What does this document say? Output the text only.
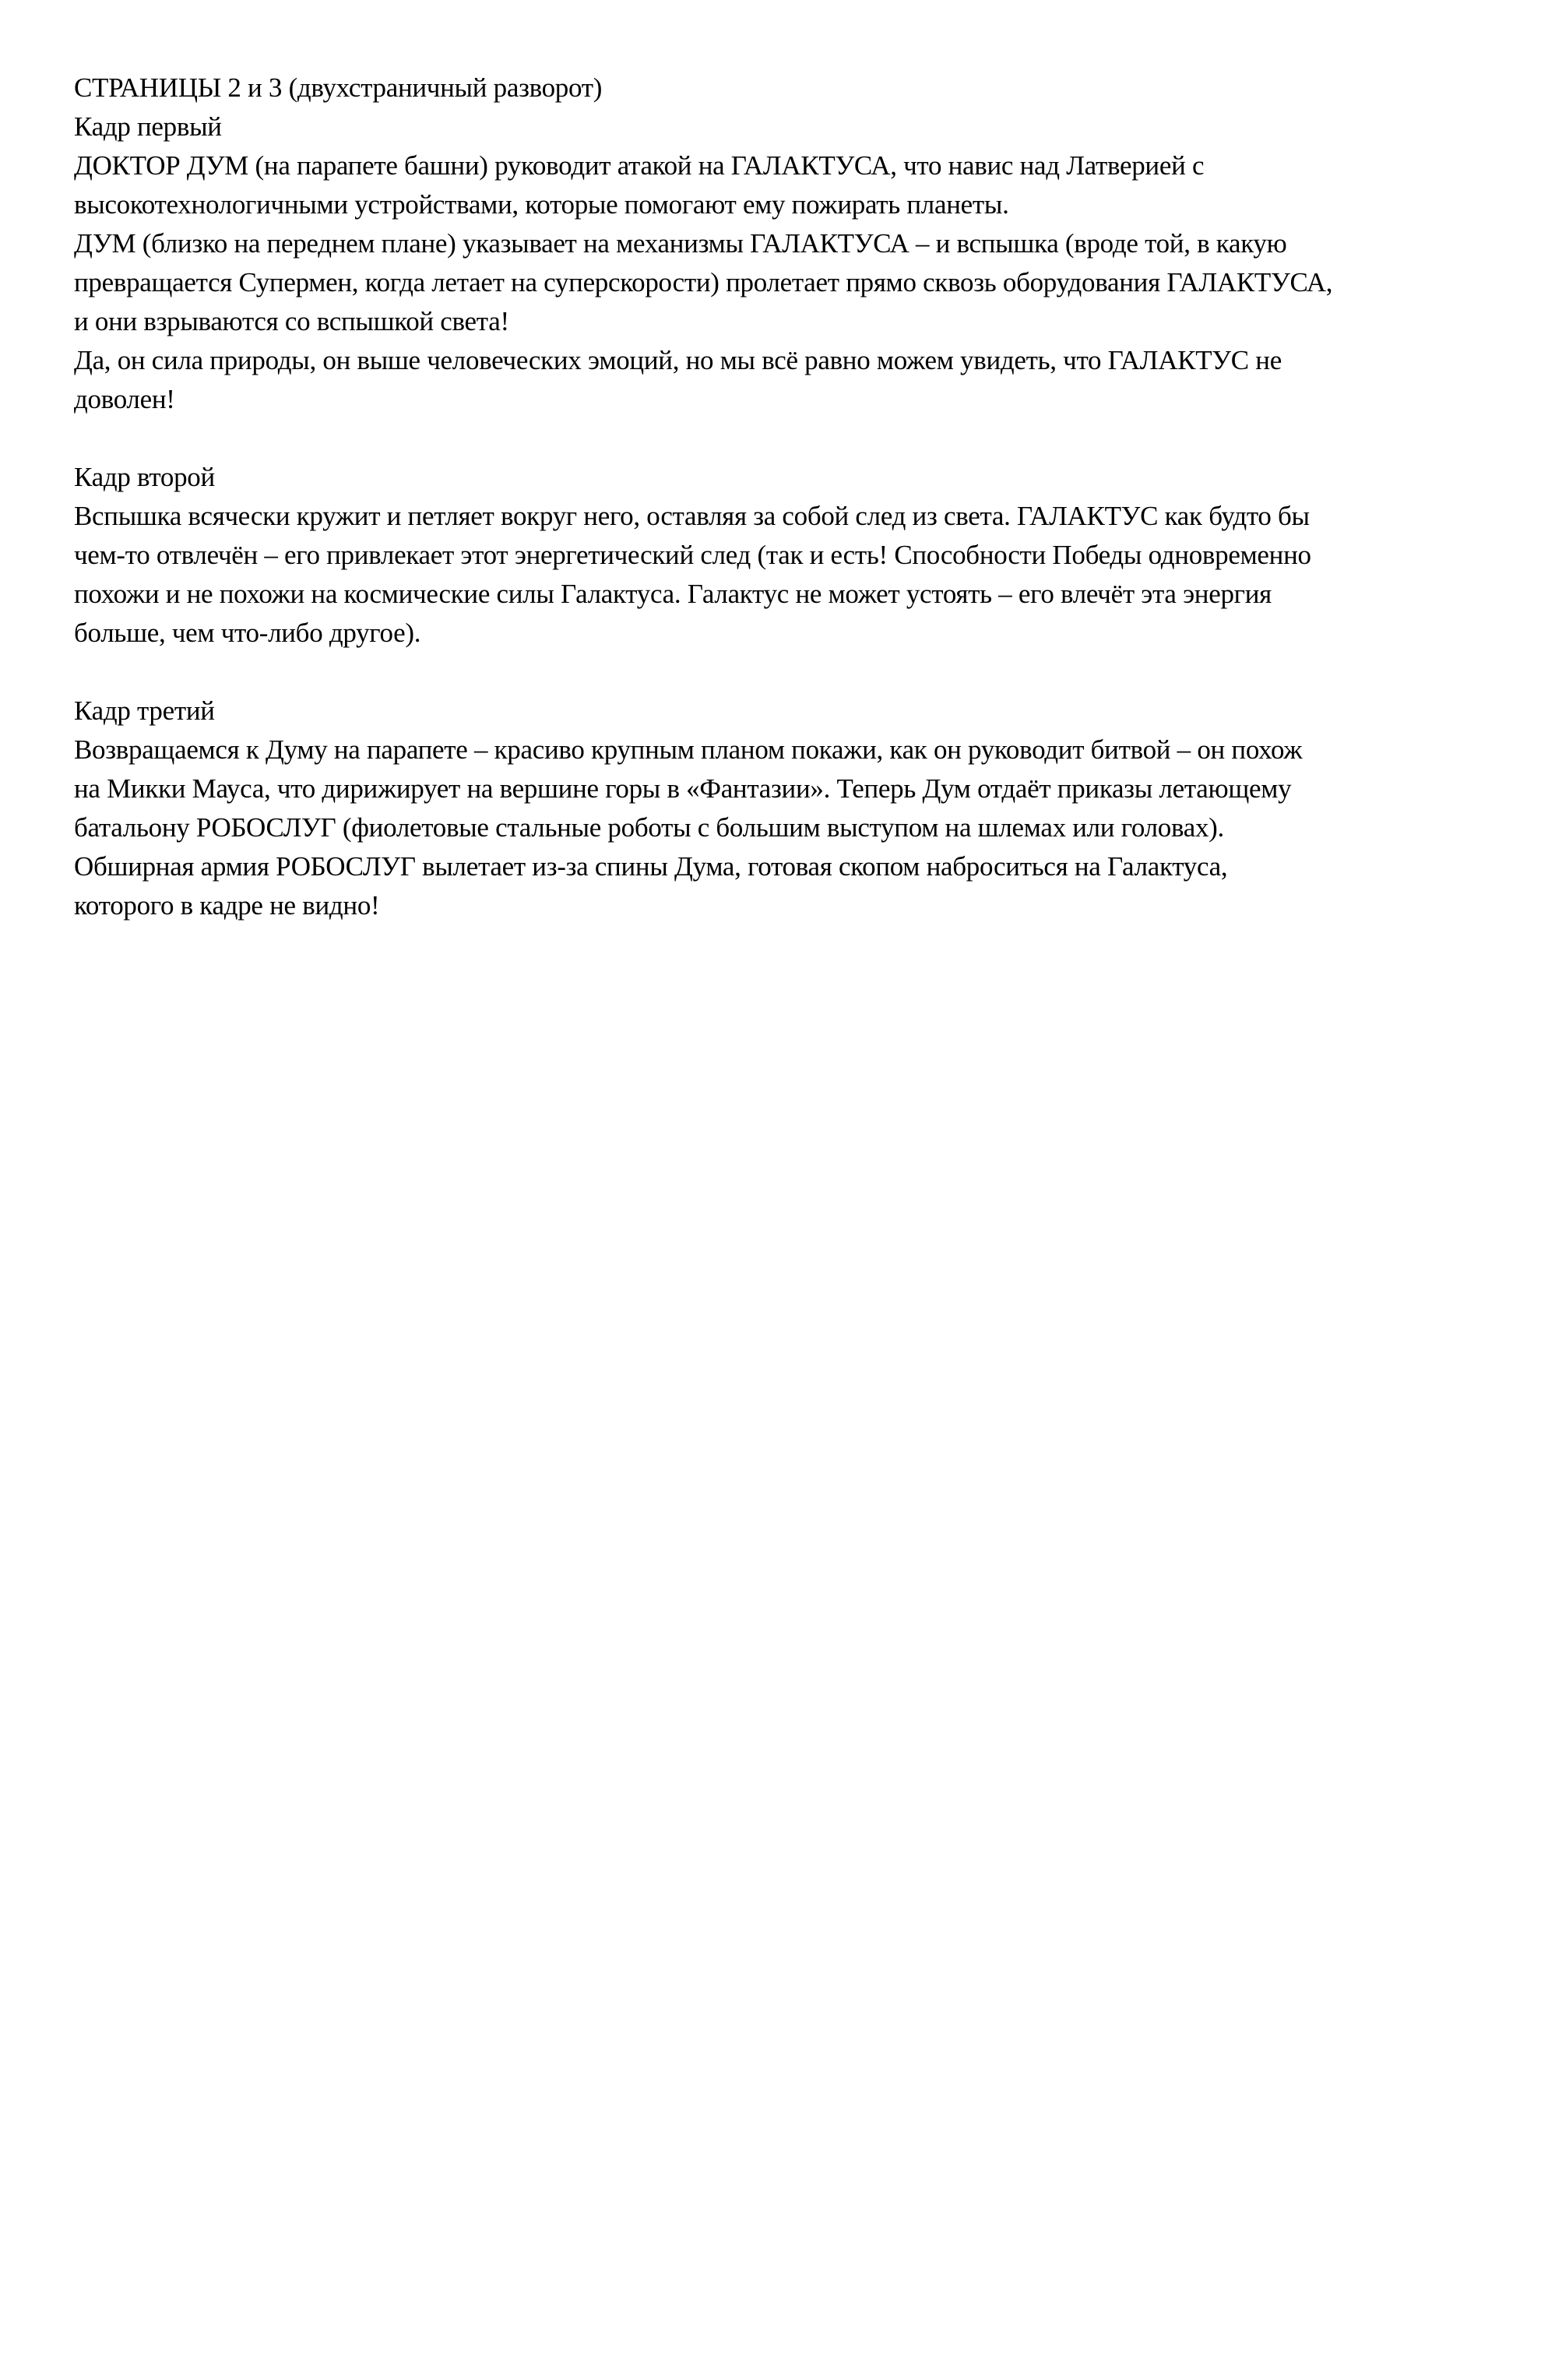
СТРАНИЦЫ 2 и 3 (двухстраничный разворот)
Кадр первый
ДОКТОР ДУМ (на парапете башни) руководит атакой на ГАЛАКТУСА, что навис над Латверией с
высокотехнологичными устройствами, которые помогают ему пожирать планеты.
ДУМ (близко на переднем плане) указывает на механизмы ГАЛАКТУСА – и вспышка (вроде той, в какую
превращается Супермен, когда летает на суперскорости) пролетает прямо сквозь оборудования ГАЛАКТУСА,
и они взрываются со вспышкой света!
Да, он сила природы, он выше человеческих эмоций, но мы всё равно можем увидеть, что ГАЛАКТУС не
доволен!
Кадр второй
Вспышка всячески кружит и петляет вокруг него, оставляя за собой след из света. ГАЛАКТУС как будто бы
чем-то отвлечён – его привлекает этот энергетический след (так и есть! Способности Победы одновременно
похожи и не похожи на космические силы Галактуса. Галактус не может устоять – его влечёт эта энергия
больше, чем что-либо другое).
Кадр третий
Возвращаемся к Думу на парапете – красиво крупным планом покажи, как он руководит битвой – он похож
на Микки Мауса, что дирижирует на вершине горы в «Фантазии». Теперь Дум отдаёт приказы летающему
батальону РОБОСЛУГ (фиолетовые стальные роботы с большим выступом на шлемах или головах).
Обширная армия РОБОСЛУГ вылетает из-за спины Дума, готовая скопом наброситься на Галактуса,
которого в кадре не видно!
